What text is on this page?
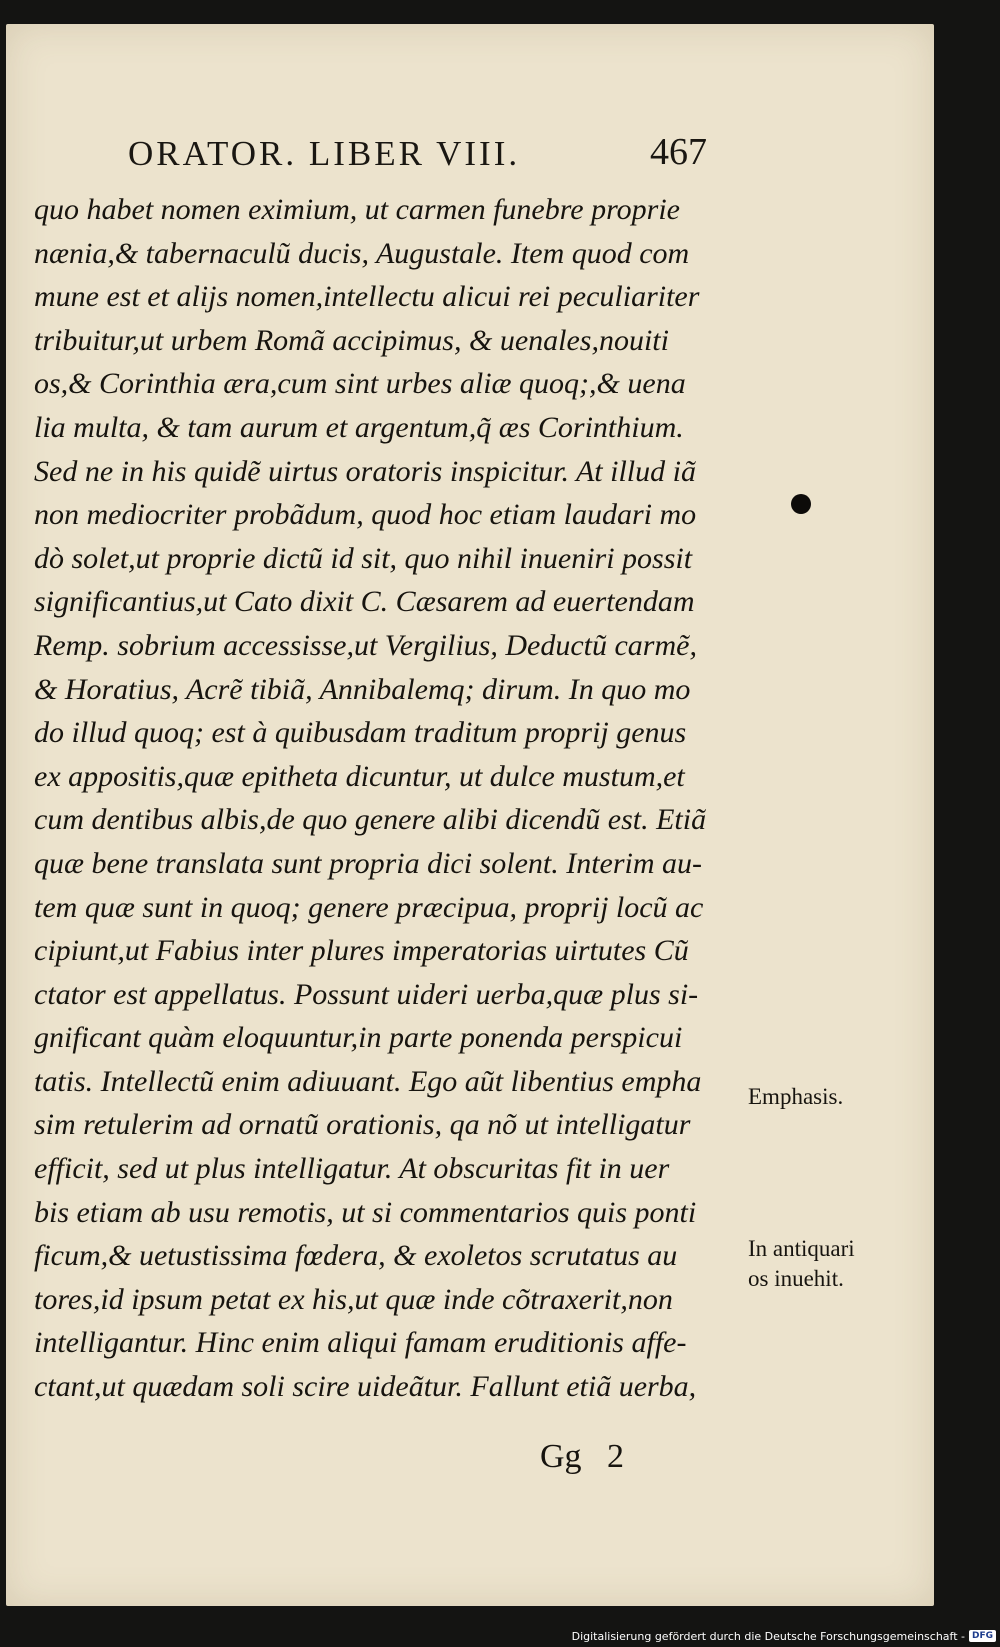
ORATOR. LIBER VIII.	467
quo habet nomen eximium, ut carmen funebre proprie
nænia,& tabernaculũ ducis, Augustale. Item quod com
mune est et alijs nomen,intellectu alicui rei peculiariter
tribuitur,ut urbem Romã accipimus, & uenales,nouiti
os,& Corinthia æra,cum sint urbes aliæ quoq;,& uena
lia multa, & tam aurum et argentum,q̃ æs Corinthium.
Sed ne in his quidẽ uirtus oratoris inspicitur. At illud iã
non mediocriter probãdum, quod hoc etiam laudari mo
dò solet,ut proprie dictũ id sit, quo nihil inueniri possit
significantius,ut Cato dixit C. Cæsarem ad euertendam
Remp. sobrium accessisse,ut Vergilius, Deductũ carmẽ,
& Horatius, Acrẽ tibiã, Annibalemq; dirum. In quo mo
do illud quoq; est à quibusdam traditum proprij genus
ex appositis,quæ epitheta dicuntur, ut dulce mustum,et
cum dentibus albis,de quo genere alibi dicendũ est. Etiã
quæ bene translata sunt propria dici solent. Interim au-
tem quæ sunt in quoq; genere præcipua, proprij locũ ac
cipiunt,ut Fabius inter plures imperatorias uirtutes Cũ
ctator est appellatus. Possunt uideri uerba,quæ plus si-
gnificant quàm eloquuntur,in parte ponenda perspicui
tatis. Intellectũ enim adiuuant. Ego aũt libentius empha
sim retulerim ad ornatũ orationis, qa nõ ut intelligatur
efficit, sed ut plus intelligatur. At obscuritas fit in uer
bis etiam ab usu remotis, ut si commentarios quis ponti
ficum,& uetustissima fœdera, & exoletos scrutatus au
tores,id ipsum petat ex his,ut quæ inde cõtraxerit,non
intelligantur. Hinc enim aliqui famam eruditionis affe-
ctant,ut quædam soli scire uideãtur. Fallunt etiã uerba,
Emphasis.
In antiquari
os inuehit.
Gg   2
Digitalisierung gefördert durch die Deutsche Forschungsgemeinschaft - DFG
